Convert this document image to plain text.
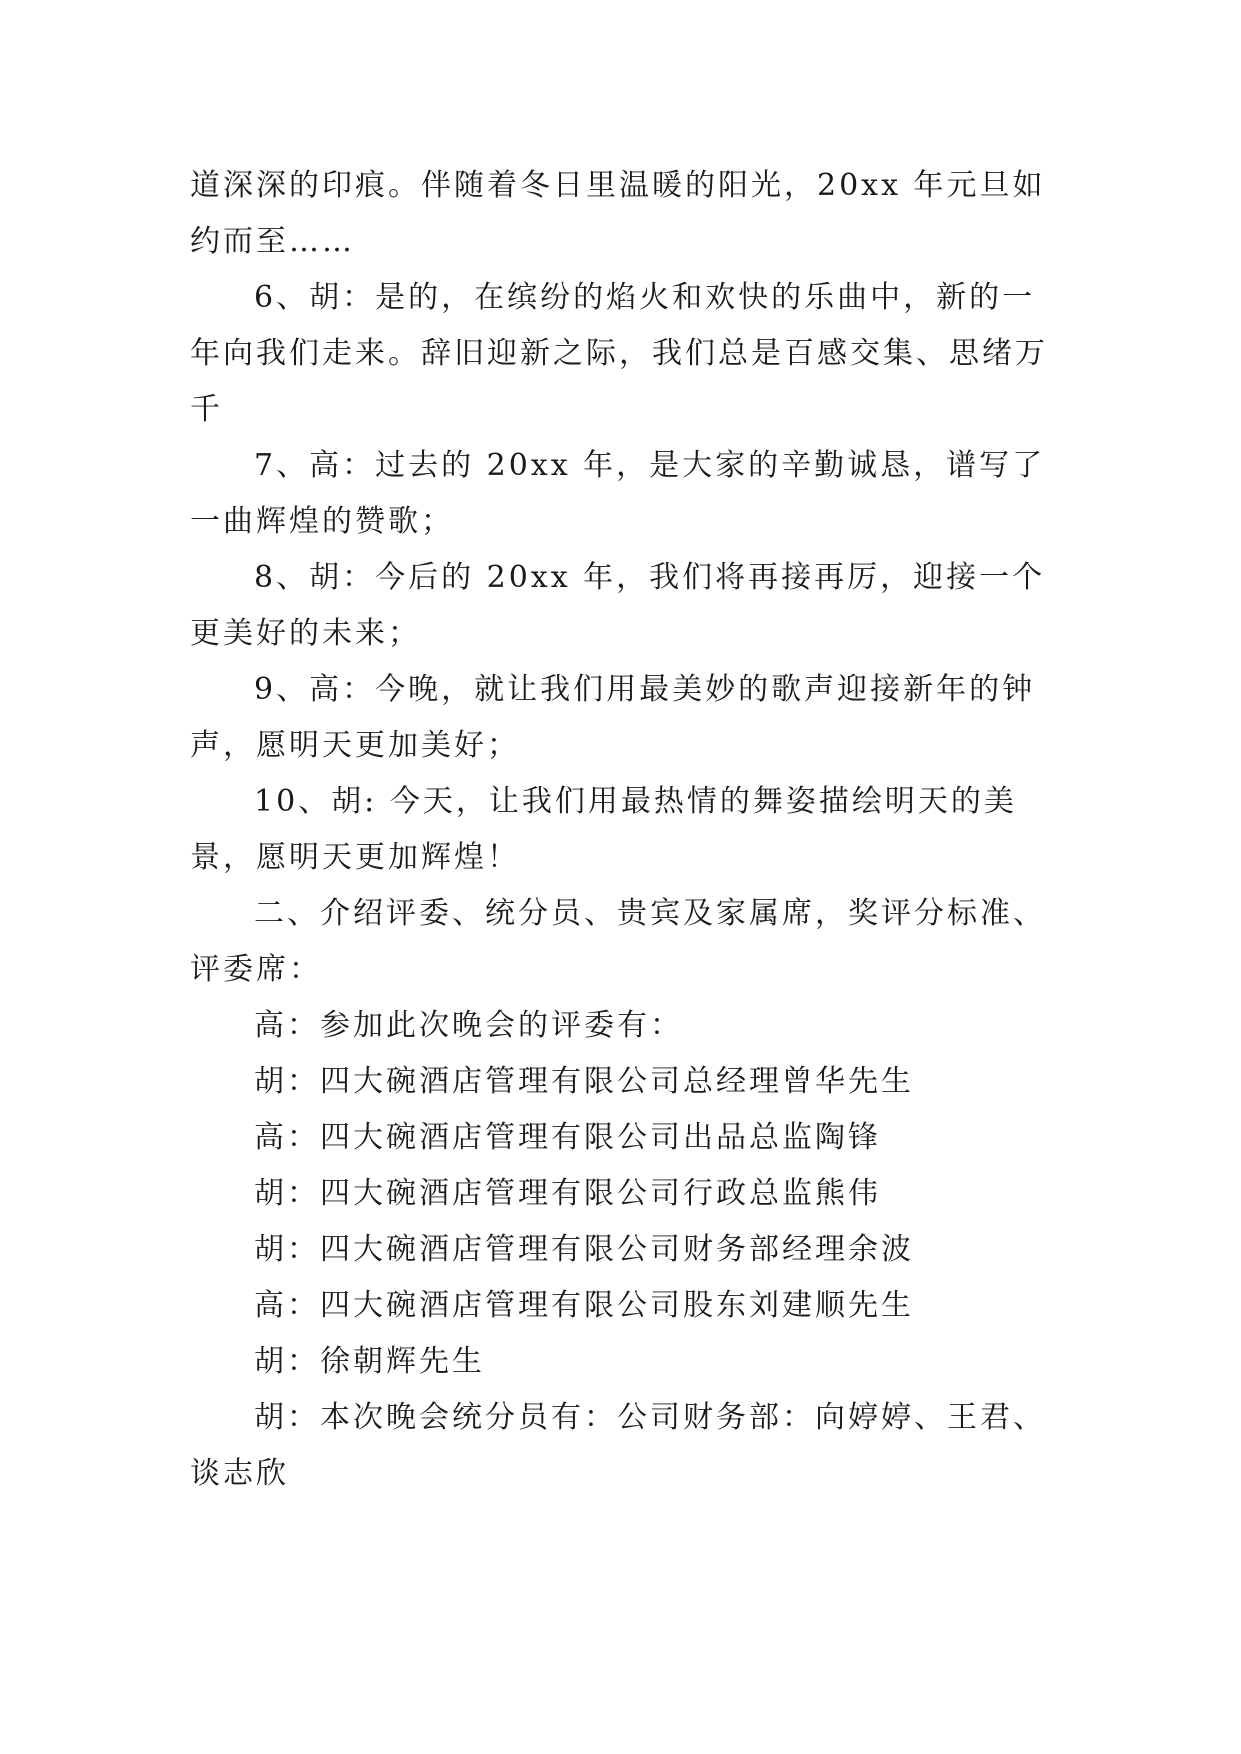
道深深的印痕。伴随着冬日里温暖的阳光，20xx 年元旦如约而至……

6、胡：是的，在缤纷的焰火和欢快的乐曲中，新的一年向我们走来。辞旧迎新之际，我们总是百感交集、思绪万千

7、高：过去的 20xx 年，是大家的辛勤诚恳，谱写了一曲辉煌的赞歌；

8、胡：今后的 20xx 年，我们将再接再厉，迎接一个更美好的未来；

9、高：今晚，就让我们用最美妙的歌声迎接新年的钟声，愿明天更加美好；

10、胡: 今天，让我们用最热情的舞姿描绘明天的美景，愿明天更加辉煌！

二、介绍评委、统分员、贵宾及家属席，奖评分标准、评委席：

高：参加此次晚会的评委有：

胡：四大碗酒店管理有限公司总经理曾华先生

高：四大碗酒店管理有限公司出品总监陶锋

胡：四大碗酒店管理有限公司行政总监熊伟

胡：四大碗酒店管理有限公司财务部经理余波

高：四大碗酒店管理有限公司股东刘建顺先生

胡：徐朝辉先生

胡：本次晚会统分员有：公司财务部：向婷婷、王君、谈志欣
